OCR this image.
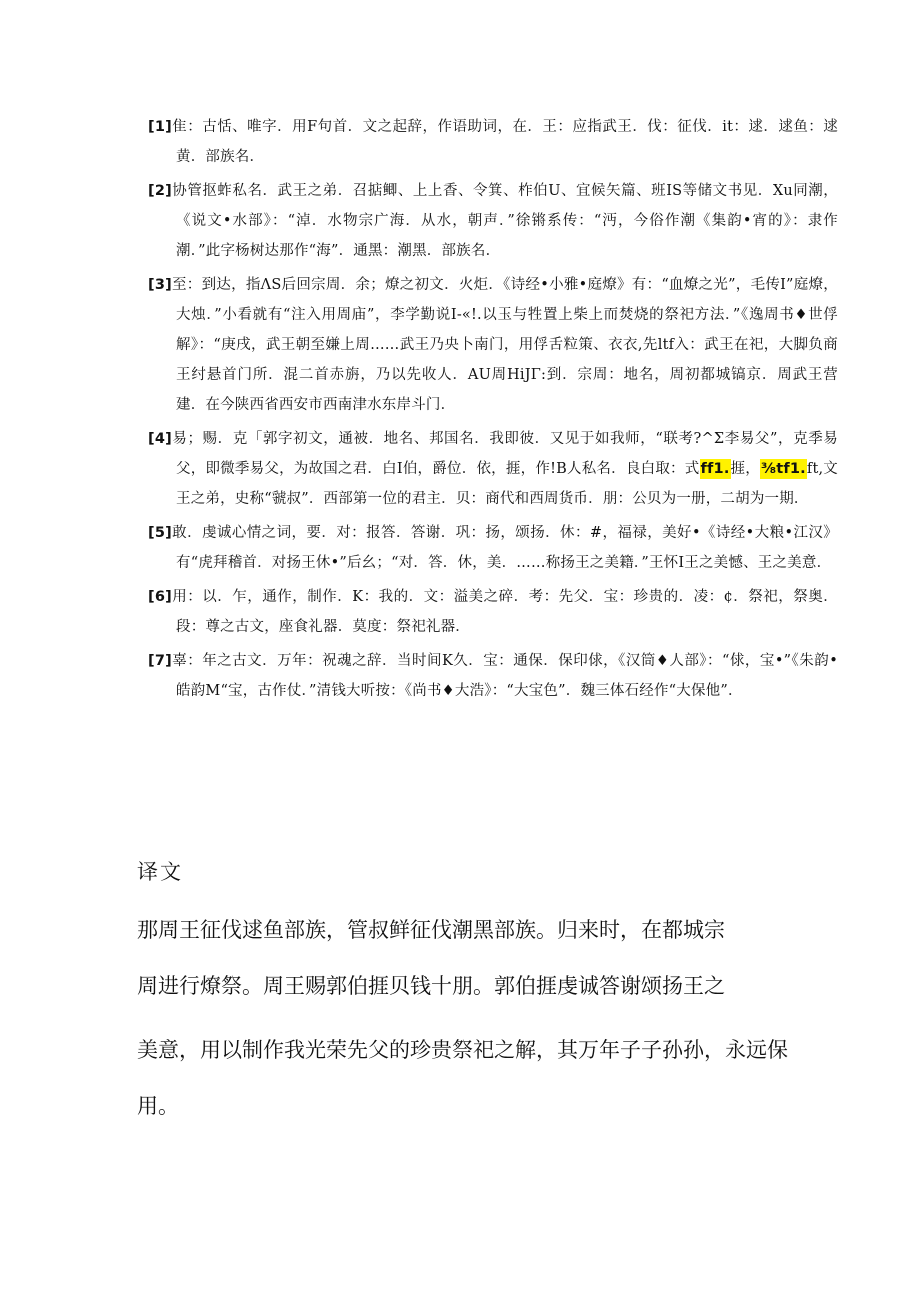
[1]隹：古恬、唯字．用F句首．文之起辞，作语助词，在．王：应指武王．伐：征伐．it：逑．逑鱼：逑黄．部族名．

[2]协管抠蚱私名．武王之弟．召掂鲫、上上香、令箕、柞伯U、宜候矢篇、班IS等储文书见．Xu同潮，《说文•水部》：“淖．水物宗广海．从水，朝声．”徐锵系传：“沔，今俗作潮《集韵•宵的》：隶作潮．”此字杨树达那作“海”．通黑：潮黑．部族名．

[3]至：到达，指ΛS后回宗周．余；燎之初文．火炬．《诗经•小雅•庭燎》有：“血燎之光”，毛传I”庭燎，大烛．”小看就有“注入用周庙”，李学勤说I-«!.以玉与牲置上柴上而焚烧的祭祀方法．”《逸周书♦世俘解》：“庚戌，武王朝至嫌上周……武王乃央卜南门，用俘舌粒策、衣衣,先ltf入：武王在祀，大脚负商王纣悬首门所．混二首赤旃，乃以先收人．AU周HiJΓ:到．宗周：地名，周初都城镐京．周武王营建．在今陕西省西安市西南津水东岸斗门．

[4]易；赐．克「郭字初文，通被．地名、邦国名．我即彼．又见于如我师，“联考?^Σ李易父”，克季易父，即微季易父，为故国之君．白I伯，爵位．依，捱，作!B人私名．良白取：式ff1.捱，⅜tf1.ft,文王之弟，史称“虢叔”．西部第一位的君主．贝：商代和西周货币．朋：公贝为一册，二胡为一期．

[5]敢．虔诚心情之词，要．对：报答．答谢．巩：扬，颂扬．休：#，福禄，美好•《诗经•大粮•江汉》有“虎拜稽首．对扬王休•”后幺；“对．答．休，美．……称扬王之美籍．”王怀I王之美憾、王之美意．

[6]用：以．乍，通作，制作．K：我的．文：溢美之碎．考：先父．宝：珍贵的．凌：¢．祭祀，祭奥．段：尊之古文，座食礼器．莫度：祭祀礼器．

[7]辜：年之古文．万年：祝魂之辞．当时间K久．宝：通保．保印俅，《汉筒♦人部》：“俅，宝•”《朱韵•皓韵M“宝，古作仗．”清钱大听按：《尚书♦大浩》：“大宝色”．魏三体石经作“大保他”．

译文

那周王征伐逑鱼部族，管叔鲜征伐潮黑部族。归来时，在都城宗
周进行燎祭。周王赐郭伯捱贝钱十朋。郭伯捱虔诚答谢颂扬王之
美意，用以制作我光荣先父的珍贵祭祀之解，其万年子子孙孙，永远保
用。
